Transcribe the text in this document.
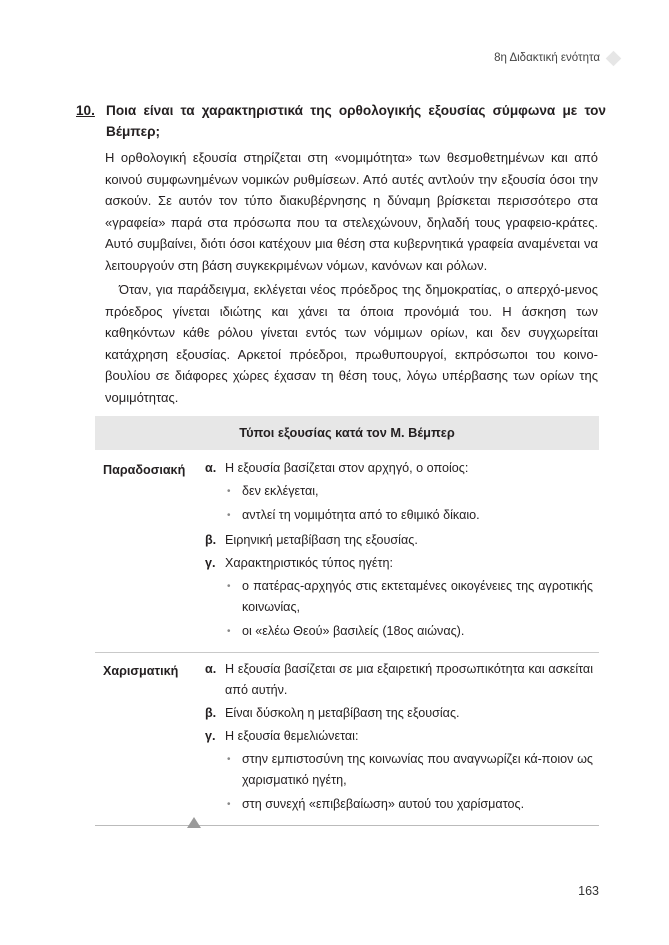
8η Διδακτική ενότητα
10. Ποια είναι τα χαρακτηριστικά της ορθολογικής εξουσίας σύμφωνα με τον Βέμπερ;

Η ορθολογική εξουσία στηρίζεται στη «νομιμότητα» των θεσμοθετημένων και από κοινού συμφωνημένων νομικών ρυθμίσεων. Από αυτές αντλούν την εξουσία όσοι την ασκούν. Σε αυτόν τον τύπο διακυβέρνησης η δύναμη βρίσκεται περισσότερο στα «γραφεία» παρά στα πρόσωπα που τα στελεχώνουν, δηλαδή τους γραφειο-κράτες. Αυτό συμβαίνει, διότι όσοι κατέχουν μια θέση στα κυβερνητικά γραφεία αναμένεται να λειτουργούν στη βάση συγκεκριμένων νόμων, κανόνων και ρόλων.

Όταν, για παράδειγμα, εκλέγεται νέος πρόεδρος της δημοκρατίας, ο απερχό-μενος πρόεδρος γίνεται ιδιώτης και χάνει τα όποια προνόμιά του. Η άσκηση των καθηκόντων κάθε ρόλου γίνεται εντός των νόμιμων ορίων, και δεν συγχωρείται κατάχρηση εξουσίας. Αρκετοί πρόεδροι, πρωθυπουργοί, εκπρόσωποι του κοινο-βουλίου σε διάφορες χώρες έχασαν τη θέση τους, λόγω υπέρβασης των ορίων της νομιμότητας.

Τύποι εξουσίας κατά τον Μ. Βέμπερ
Παραδοσιακή	α. Η εξουσία βασίζεται στον αρχηγό, ο οποίος:
• δεν εκλέγεται,
• αντλεί τη νομιμότητα από το εθιμικό δίκαιο.
β. Ειρηνική μεταβίβαση της εξουσίας.
γ. Χαρακτηριστικός τύπος ηγέτη:
• ο πατέρας-αρχηγός στις εκτεταμένες οικογένειες της αγροτικής κοινωνίας,
• οι «ελέω Θεού» βασιλείς (18ος αιώνας).
Χαρισματική	α. Η εξουσία βασίζεται σε μια εξαιρετική προσωπικότητα και ασκείται από αυτήν.
β. Είναι δύσκολη η μεταβίβαση της εξουσίας.
γ. Η εξουσία θεμελιώνεται:
• στην εμπιστοσύνη της κοινωνίας που αναγνωρίζει κά-ποιον ως χαρισματικό ηγέτη,
• στη συνεχή «επιβεβαίωση» αυτού του χαρίσματος.
163
